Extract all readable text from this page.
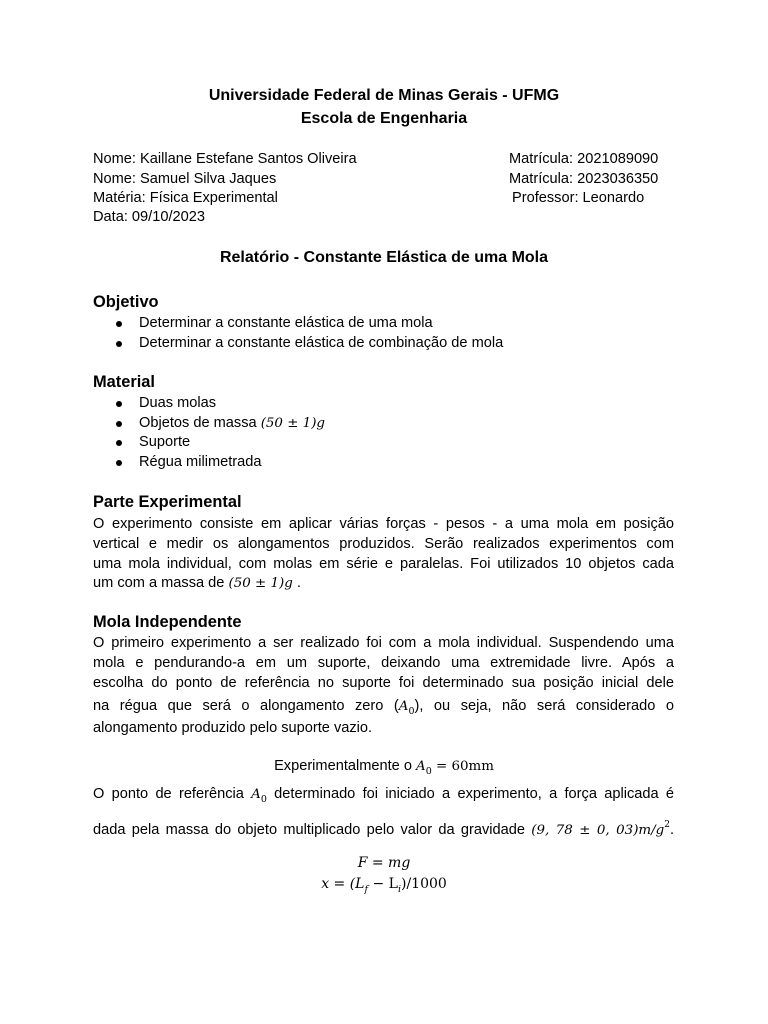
Universidade Federal de Minas Gerais - UFMG
Escola de Engenharia
Nome: Kaillane Estefane Santos Oliveira	Matrícula: 2021089090
Nome: Samuel Silva Jaques	Matrícula: 2023036350
Matéria: Física Experimental	Professor: Leonardo
Data: 09/10/2023
Relatório - Constante Elástica de uma Mola
Objetivo
Determinar a constante elástica de uma mola
Determinar a constante elástica de combinação de mola
Material
Duas molas
Objetos de massa (50 ± 1)g
Suporte
Régua milimetrada
Parte Experimental
O experimento consiste em aplicar várias forças - pesos - a uma mola em posição
vertical e medir os alongamentos produzidos. Serão realizados experimentos com
uma mola individual, com molas em série e paralelas. Foi utilizados 10 objetos cada
um com a massa de (50 ± 1)g .
Mola Independente
O primeiro experimento a ser realizado foi com a mola individual. Suspendendo uma
mola e pendurando-a em um suporte, deixando uma extremidade livre. Após a
escolha do ponto de referência no suporte foi determinado sua posição inicial dele
na régua que será o alongamento zero $(A_0)$, ou seja, não será considerado o
alongamento produzido pelo suporte vazio.
Experimentalmente o $A_0 = 60mm$
O ponto de referência $A_0$ determinado foi iniciado a experimento, a força aplicada é
dada pela massa do objeto multiplicado pelo valor da gravidade (9, 78 ± 0, $03)m/g^2$.
F = mg
$x = (L_f - L_i)/1000$
